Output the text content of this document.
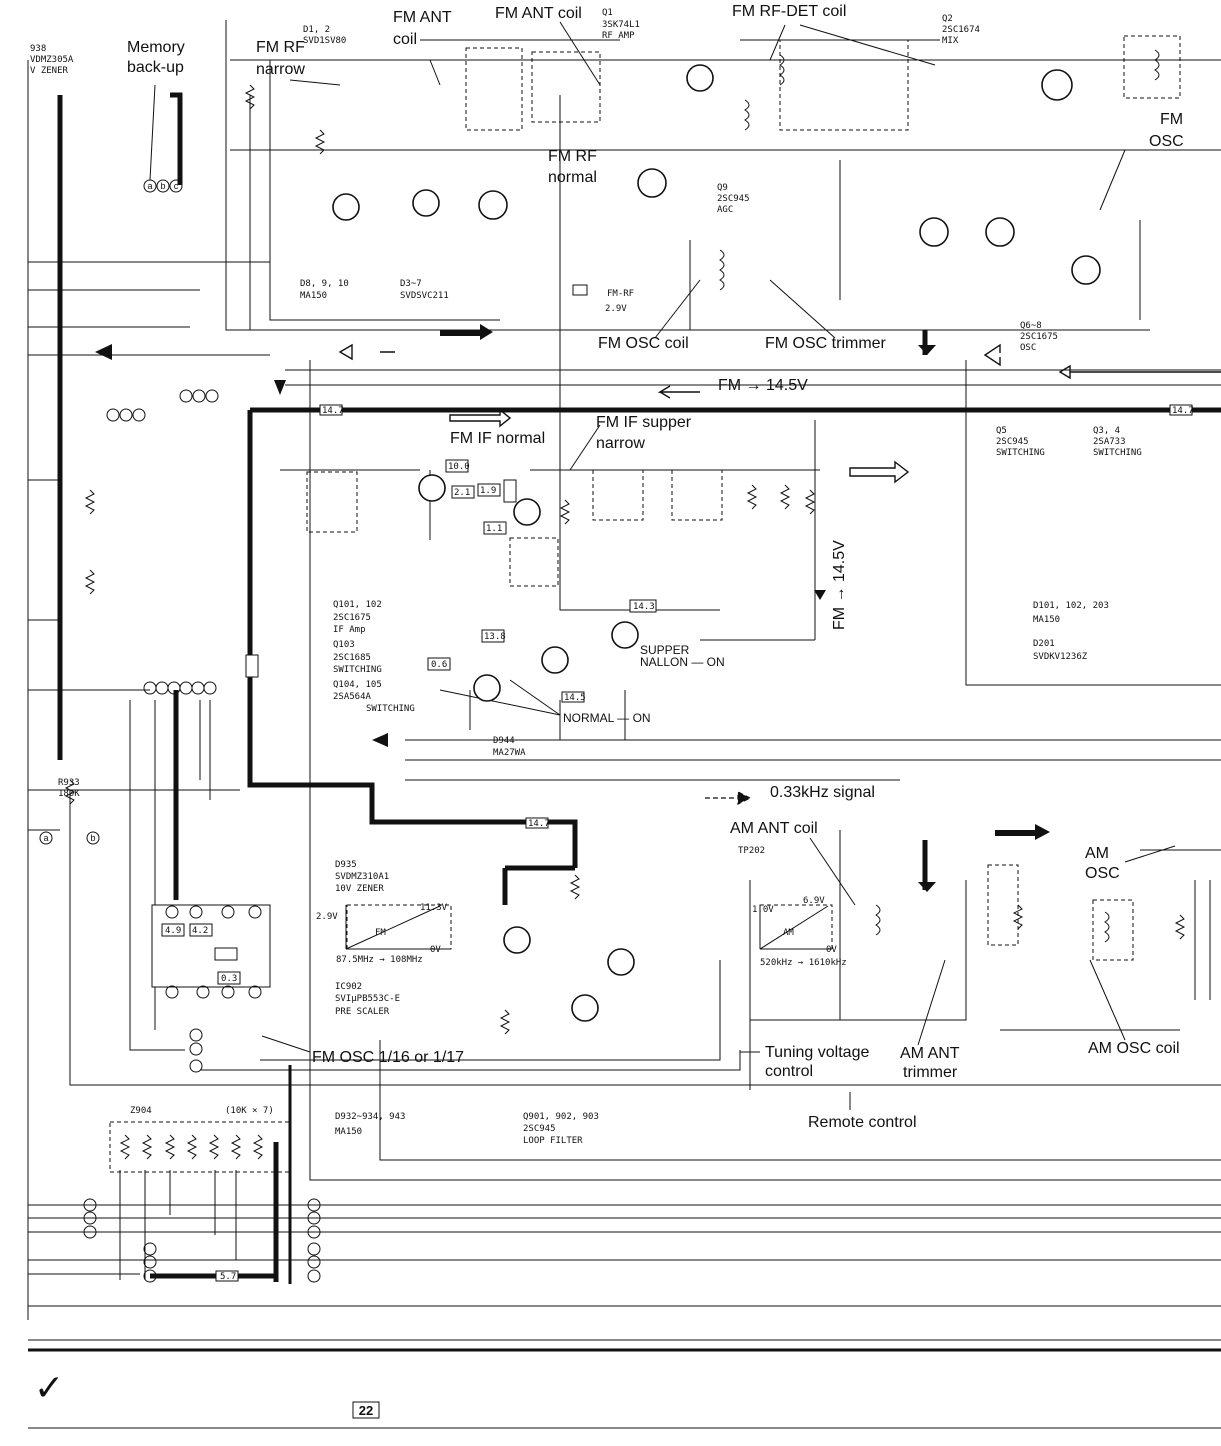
Memory
back-up
FM RF
narrow
FM ANT
coil
FM ANT coil	FM RF-DET coil
FM RF
normal
FM
OSC
FM OSC coil	FM OSC trimmer
FM → 14.5V
FM IF normal
FM IF supper
narrow
FM → 14.5V
0.33kHz signal
AM ANT coil
AM
OSC
AM ANT
trimmer
AM OSC coil
FM OSC 1/16 or 1/17	Tuning voltage
control
Remote control
NORMAL — ON
SUPPER
NALLON — ON
938
VDMZ305A
V ZENER
Q1
3SK74L1
RF AMP
Q2
2SC1674
MIX
D1, 2
SVD1SV80
Q9
2SC945
AGC
D8, 9, 10
MA150
D3~7
SVDSVC211	FM-RF
2.9V
Q6~8
2SC1675
OSC
Q5
2SC945
SWITCHING
Q3, 4
2SA733
SWITCHING
Q101, 102
2SC1675
IF Amp
Q103
2SC1685
SWITCHING
Q104, 105
2SA564A
SWITCHING
D944
MA27WA
D101, 102, 203
MA150
D201
SVDKV1236Z
D935
SVDMZ310A1
10V ZENER
IC902
SVIμPB553C-E
PRE SCALER
D932~934, 943
MA150
Q901, 902, 903
2SC945
LOOP FILTER
Z904	(10K × 7)
R933
180K
11.3V
2.9V
0V
FM
87.5MHz → 108MHz
6.9V
1.0V
0V
AM
520kHz → 1610kHz
14.7	14.7
14.7
5.7
14.5
14.3
13.8
0.6
10.0
2.1 1.9
1.1
4.9 4.2
0.3
a b c
a	b
TP202
22
✓
